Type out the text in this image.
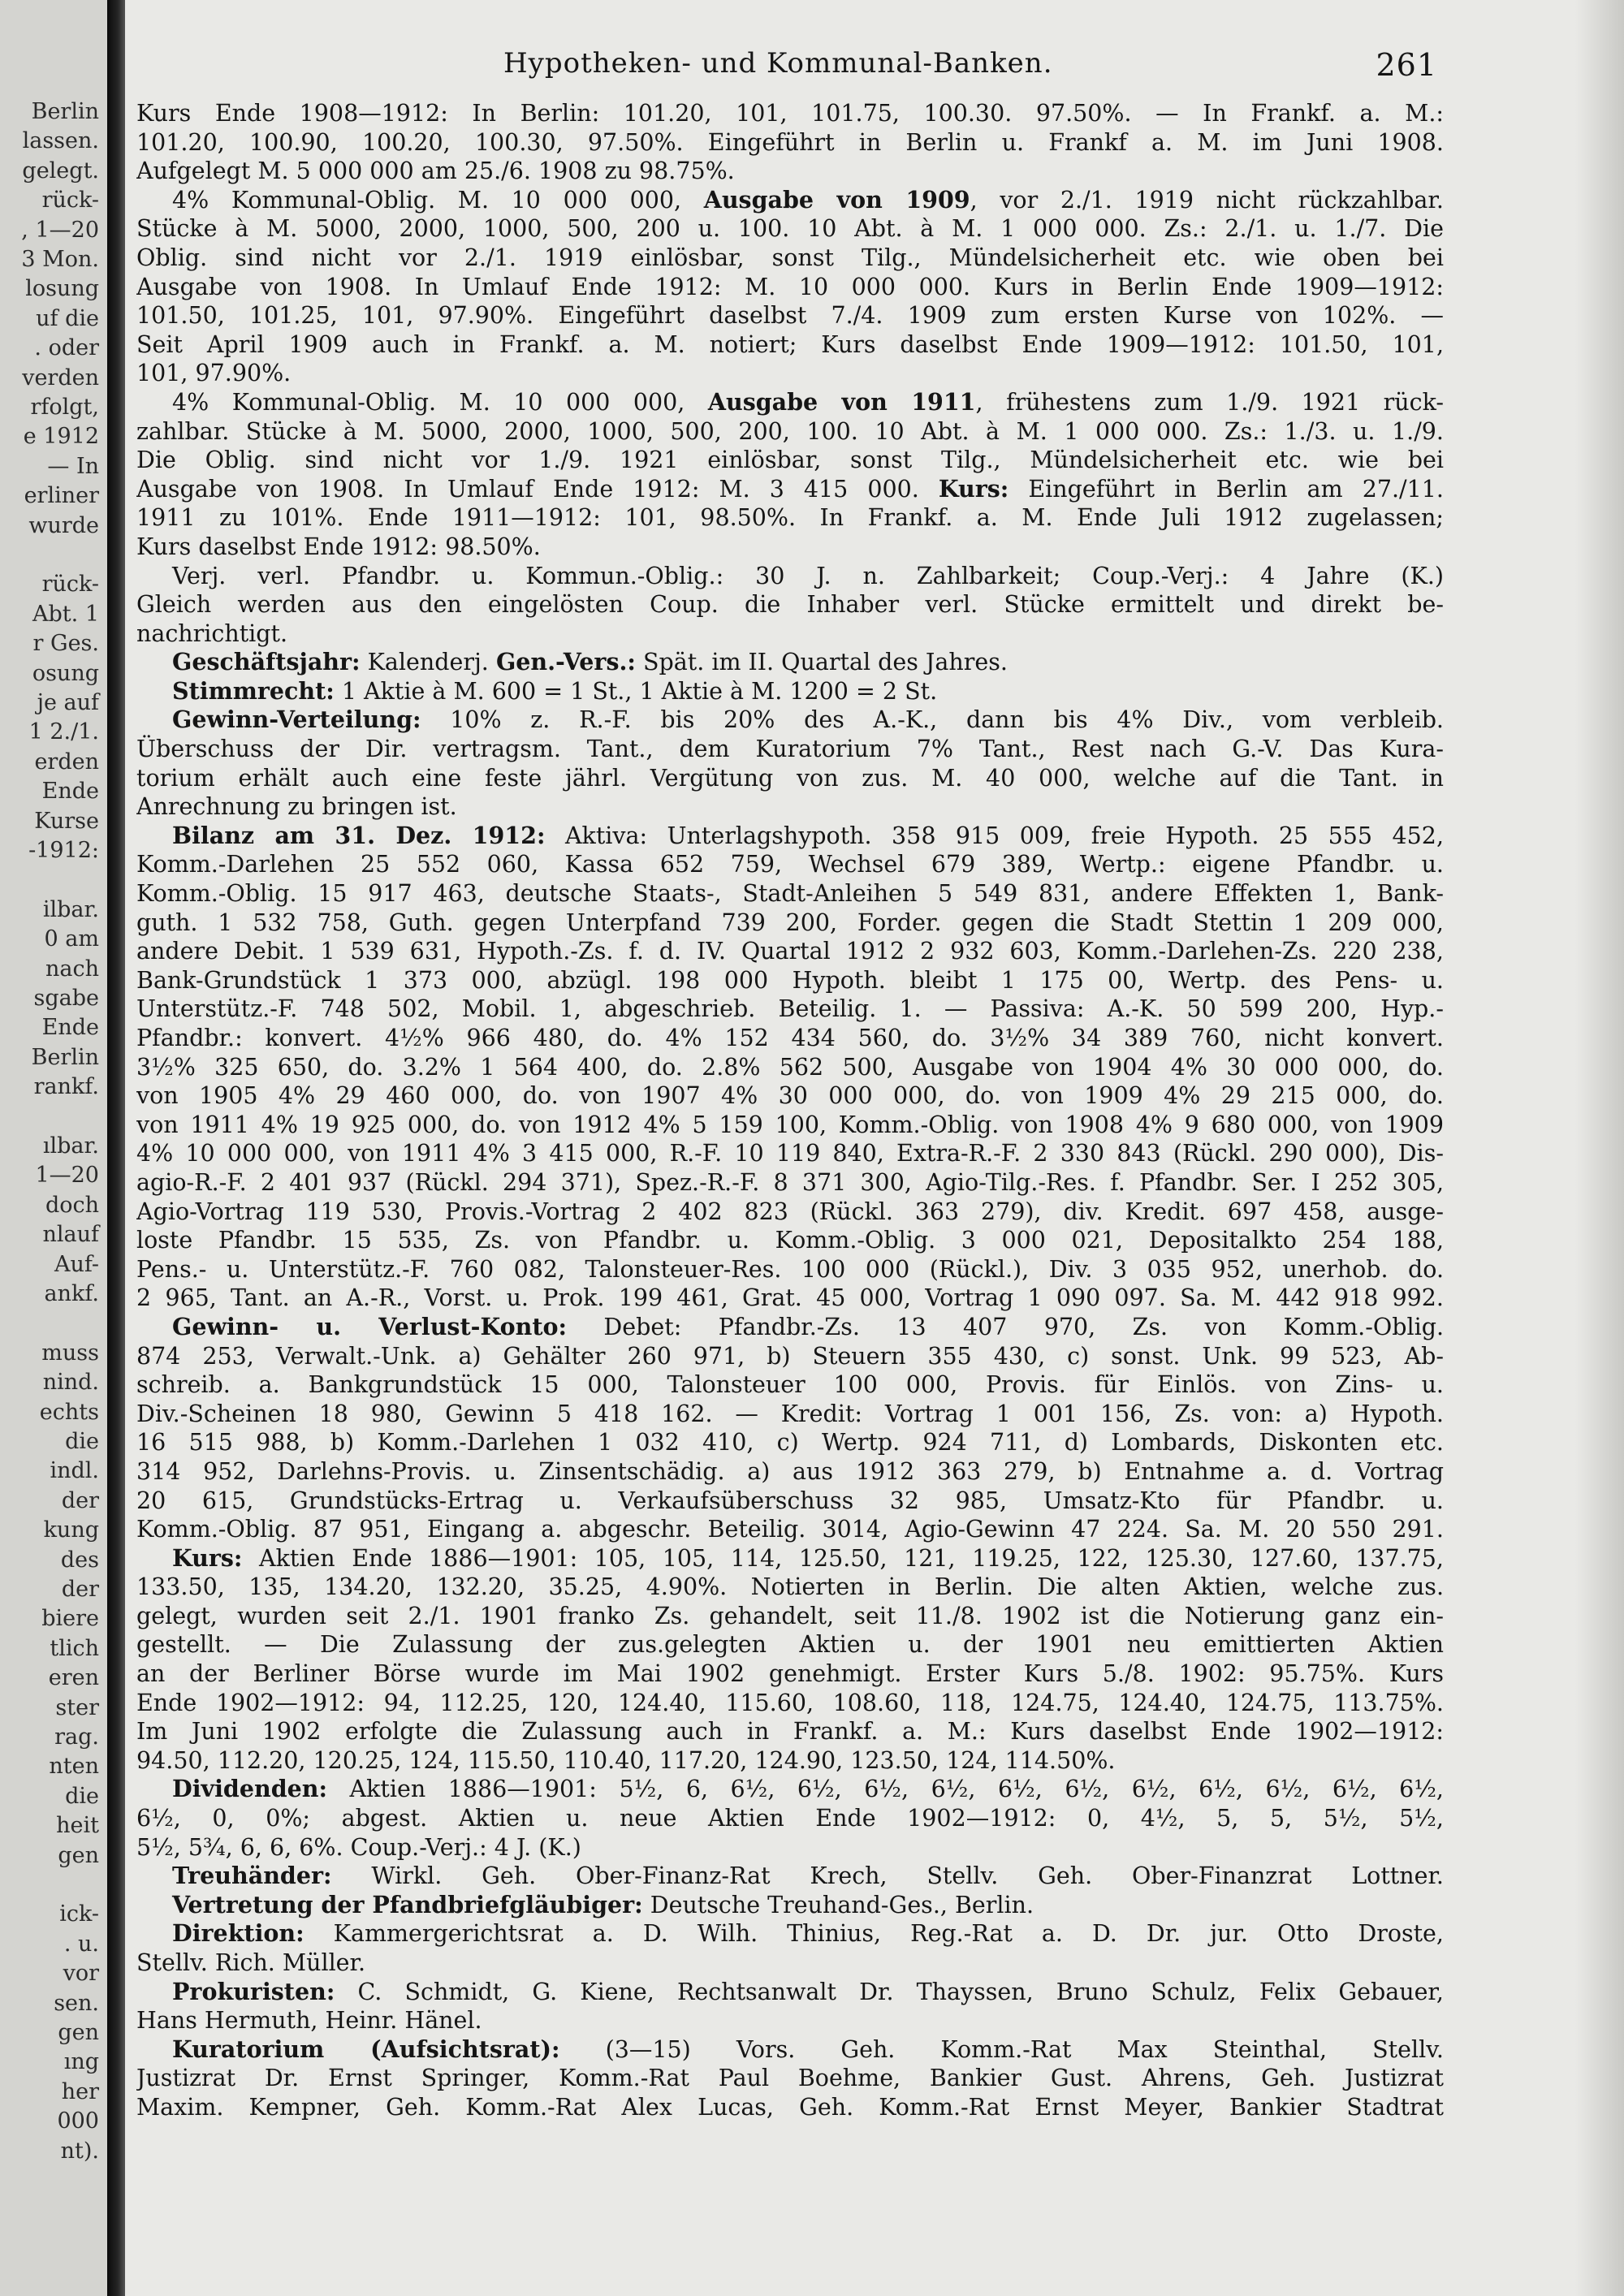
Berlin
lassen.
gelegt.
rück-
, 1—20
3 Mon.
losung
uf die
. oder
verden
rfolgt,
e 1912
— In
erliner
wurde
rück-
Abt. 1
r Ges.
osung
je auf
1 2./1.
erden
Ende
Kurse
-1912:
ilbar.
0 am
nach
sgabe
Ende
Berlin
rankf.
ılbar.
1—20
doch
nlauf
Auf-
ankf.
muss
nind.
echts
die
indl.
der
kung
des
der
biere
tlich
eren
ster
rag.
nten
die
heit
gen
ick-
. u.
vor
sen.
gen
ıng
her
000
nt).
Hypotheken- und Kommunal-Banken.	261
Kurs Ende 1908—1912: In Berlin: 101.20, 101, 101.75, 100.30. 97.50%. — In Frankf. a. M.:
101.20, 100.90, 100.20, 100.30, 97.50%. Eingeführt in Berlin u. Frankf a. M. im Juni 1908.
Aufgelegt M. 5 000 000 am 25./6. 1908 zu 98.75%.
4% Kommunal-Oblig. M. 10 000 000, Ausgabe von 1909, vor 2./1. 1919 nicht rückzahlbar.
Stücke à M. 5000, 2000, 1000, 500, 200 u. 100. 10 Abt. à M. 1 000 000. Zs.: 2./1. u. 1./7. Die
Oblig. sind nicht vor 2./1. 1919 einlösbar, sonst Tilg., Mündelsicherheit etc. wie oben bei
Ausgabe von 1908. In Umlauf Ende 1912: M. 10 000 000. Kurs in Berlin Ende 1909—1912:
101.50, 101.25, 101, 97.90%. Eingeführt daselbst 7./4. 1909 zum ersten Kurse von 102%. —
Seit April 1909 auch in Frankf. a. M. notiert; Kurs daselbst Ende 1909—1912: 101.50, 101,
101, 97.90%.
4% Kommunal-Oblig. M. 10 000 000, Ausgabe von 1911, frühestens zum 1./9. 1921 rück-
zahlbar. Stücke à M. 5000, 2000, 1000, 500, 200, 100. 10 Abt. à M. 1 000 000. Zs.: 1./3. u. 1./9.
Die Oblig. sind nicht vor 1./9. 1921 einlösbar, sonst Tilg., Mündelsicherheit etc. wie bei
Ausgabe von 1908. In Umlauf Ende 1912: M. 3 415 000. Kurs: Eingeführt in Berlin am 27./11.
1911 zu 101%. Ende 1911—1912: 101, 98.50%. In Frankf. a. M. Ende Juli 1912 zugelassen;
Kurs daselbst Ende 1912: 98.50%.
Verj. verl. Pfandbr. u. Kommun.-Oblig.: 30 J. n. Zahlbarkeit; Coup.-Verj.: 4 Jahre (K.)
Gleich werden aus den eingelösten Coup. die Inhaber verl. Stücke ermittelt und direkt be-
nachrichtigt.
Geschäftsjahr: Kalenderj. Gen.-Vers.: Spät. im II. Quartal des Jahres.
Stimmrecht: 1 Aktie à M. 600 = 1 St., 1 Aktie à M. 1200 = 2 St.
Gewinn-Verteilung: 10% z. R.-F. bis 20% des A.-K., dann bis 4% Div., vom verbleib.
Überschuss der Dir. vertragsm. Tant., dem Kuratorium 7% Tant., Rest nach G.-V. Das Kura-
torium erhält auch eine feste jährl. Vergütung von zus. M. 40 000, welche auf die Tant. in
Anrechnung zu bringen ist.
Bilanz am 31. Dez. 1912: Aktiva: Unterlagshypoth. 358 915 009, freie Hypoth. 25 555 452,
Komm.-Darlehen 25 552 060, Kassa 652 759, Wechsel 679 389, Wertp.: eigene Pfandbr. u.
Komm.-Oblig. 15 917 463, deutsche Staats-, Stadt-Anleihen 5 549 831, andere Effekten 1, Bank-
guth. 1 532 758, Guth. gegen Unterpfand 739 200, Forder. gegen die Stadt Stettin 1 209 000,
andere Debit. 1 539 631, Hypoth.-Zs. f. d. IV. Quartal 1912 2 932 603, Komm.-Darlehen-Zs. 220 238,
Bank-Grundstück 1 373 000, abzügl. 198 000 Hypoth. bleibt 1 175 00, Wertp. des Pens- u.
Unterstütz.-F. 748 502, Mobil. 1, abgeschrieb. Beteilig. 1. — Passiva: A.-K. 50 599 200, Hyp.-
Pfandbr.: konvert. 4½% 966 480, do. 4% 152 434 560, do. 3½% 34 389 760, nicht konvert.
3½% 325 650, do. 3.2% 1 564 400, do. 2.8% 562 500, Ausgabe von 1904 4% 30 000 000, do.
von 1905 4% 29 460 000, do. von 1907 4% 30 000 000, do. von 1909 4% 29 215 000, do.
von 1911 4% 19 925 000, do. von 1912 4% 5 159 100, Komm.-Oblig. von 1908 4% 9 680 000, von 1909
4% 10 000 000, von 1911 4% 3 415 000, R.-F. 10 119 840, Extra-R.-F. 2 330 843 (Rückl. 290 000), Dis-
agio-R.-F. 2 401 937 (Rückl. 294 371), Spez.-R.-F. 8 371 300, Agio-Tilg.-Res. f. Pfandbr. Ser. I 252 305,
Agio-Vortrag 119 530, Provis.-Vortrag 2 402 823 (Rückl. 363 279), div. Kredit. 697 458, ausge-
loste Pfandbr. 15 535, Zs. von Pfandbr. u. Komm.-Oblig. 3 000 021, Depositalkto 254 188,
Pens.- u. Unterstütz.-F. 760 082, Talonsteuer-Res. 100 000 (Rückl.), Div. 3 035 952, unerhob. do.
2 965, Tant. an A.-R., Vorst. u. Prok. 199 461, Grat. 45 000, Vortrag 1 090 097. Sa. M. 442 918 992.
Gewinn- u. Verlust-Konto: Debet: Pfandbr.-Zs. 13 407 970, Zs. von Komm.-Oblig.
874 253, Verwalt.-Unk. a) Gehälter 260 971, b) Steuern 355 430, c) sonst. Unk. 99 523, Ab-
schreib. a. Bankgrundstück 15 000, Talonsteuer 100 000, Provis. für Einlös. von Zins- u.
Div.-Scheinen 18 980, Gewinn 5 418 162. — Kredit: Vortrag 1 001 156, Zs. von: a) Hypoth.
16 515 988, b) Komm.-Darlehen 1 032 410, c) Wertp. 924 711, d) Lombards, Diskonten etc.
314 952, Darlehns-Provis. u. Zinsentschädig. a) aus 1912 363 279, b) Entnahme a. d. Vortrag
20 615, Grundstücks-Ertrag u. Verkaufsüberschuss 32 985, Umsatz-Kto für Pfandbr. u.
Komm.-Oblig. 87 951, Eingang a. abgeschr. Beteilig. 3014, Agio-Gewinn 47 224. Sa. M. 20 550 291.
Kurs: Aktien Ende 1886—1901: 105, 105, 114, 125.50, 121, 119.25, 122, 125.30, 127.60, 137.75,
133.50, 135, 134.20, 132.20, 35.25, 4.90%. Notierten in Berlin. Die alten Aktien, welche zus.
gelegt, wurden seit 2./1. 1901 franko Zs. gehandelt, seit 11./8. 1902 ist die Notierung ganz ein-
gestellt. — Die Zulassung der zus.gelegten Aktien u. der 1901 neu emittierten Aktien
an der Berliner Börse wurde im Mai 1902 genehmigt. Erster Kurs 5./8. 1902: 95.75%. Kurs
Ende 1902—1912: 94, 112.25, 120, 124.40, 115.60, 108.60, 118, 124.75, 124.40, 124.75, 113.75%.
Im Juni 1902 erfolgte die Zulassung auch in Frankf. a. M.: Kurs daselbst Ende 1902—1912:
94.50, 112.20, 120.25, 124, 115.50, 110.40, 117.20, 124.90, 123.50, 124, 114.50%.
Dividenden: Aktien 1886—1901: 5½, 6, 6½, 6½, 6½, 6½, 6½, 6½, 6½, 6½, 6½, 6½, 6½,
6½, 0, 0%; abgest. Aktien u. neue Aktien Ende 1902—1912: 0, 4½, 5, 5, 5½, 5½,
5½, 5¾, 6, 6, 6%. Coup.-Verj.: 4 J. (K.)
Treuhänder: Wirkl. Geh. Ober-Finanz-Rat Krech, Stellv. Geh. Ober-Finanzrat Lottner.
Vertretung der Pfandbriefgläubiger: Deutsche Treuhand-Ges., Berlin.
Direktion: Kammergerichtsrat a. D. Wilh. Thinius, Reg.-Rat a. D. Dr. jur. Otto Droste,
Stellv. Rich. Müller.
Prokuristen: C. Schmidt, G. Kiene, Rechtsanwalt Dr. Thayssen, Bruno Schulz, Felix Gebauer,
Hans Hermuth, Heinr. Hänel.
Kuratorium (Aufsichtsrat): (3—15) Vors. Geh. Komm.-Rat Max Steinthal, Stellv.
Justizrat Dr. Ernst Springer, Komm.-Rat Paul Boehme, Bankier Gust. Ahrens, Geh. Justizrat
Maxim. Kempner, Geh. Komm.-Rat Alex Lucas, Geh. Komm.-Rat Ernst Meyer, Bankier Stadtrat
